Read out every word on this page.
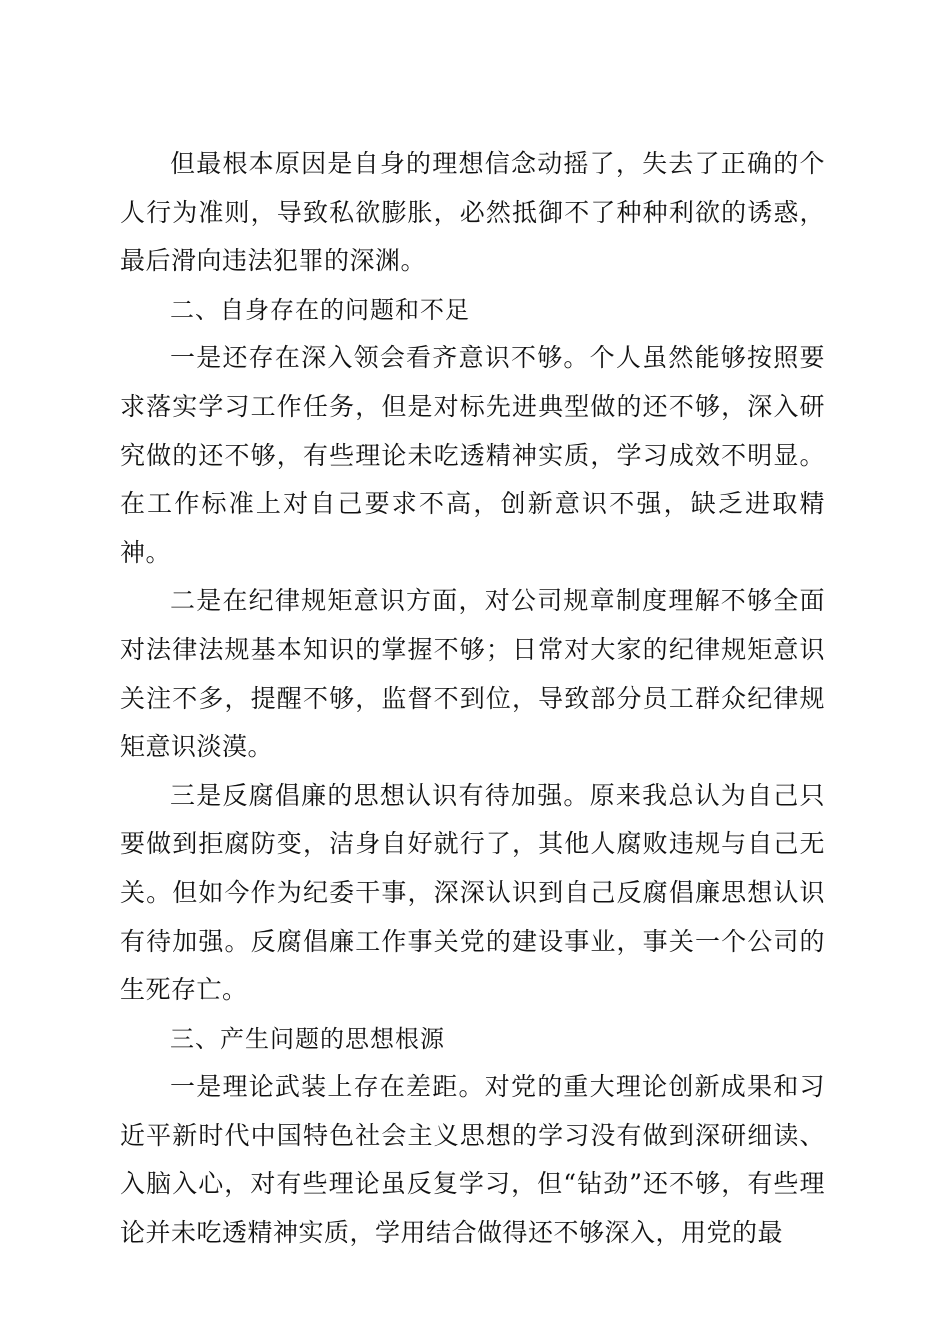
但最根本原因是自身的理想信念动摇了，失去了正确的个人行为准则，导致私欲膨胀，必然抵御不了种种利欲的诱惑，最后滑向违法犯罪的深渊。

二、自身存在的问题和不足

一是还存在深入领会看齐意识不够。个人虽然能够按照要求落实学习工作任务，但是对标先进典型做的还不够，深入研究做的还不够，有些理论未吃透精神实质，学习成效不明显。在工作标准上对自己要求不高，创新意识不强，缺乏进取精神。

二是在纪律规矩意识方面，对公司规章制度理解不够全面对法律法规基本知识的掌握不够；日常对大家的纪律规矩意识关注不多，提醒不够，监督不到位，导致部分员工群众纪律规矩意识淡漠。

三是反腐倡廉的思想认识有待加强。原来我总认为自己只要做到拒腐防变，洁身自好就行了，其他人腐败违规与自己无关。但如今作为纪委干事，深深认识到自己反腐倡廉思想认识有待加强。反腐倡廉工作事关党的建设事业，事关一个公司的生死存亡。

三、产生问题的思想根源

一是理论武装上存在差距。对党的重大理论创新成果和习近平新时代中国特色社会主义思想的学习没有做到深研细读、入脑入心，对有些理论虽反复学习，但“钻劲”还不够，有些理论并未吃透精神实质，学用结合做得还不够深入，用党的最
